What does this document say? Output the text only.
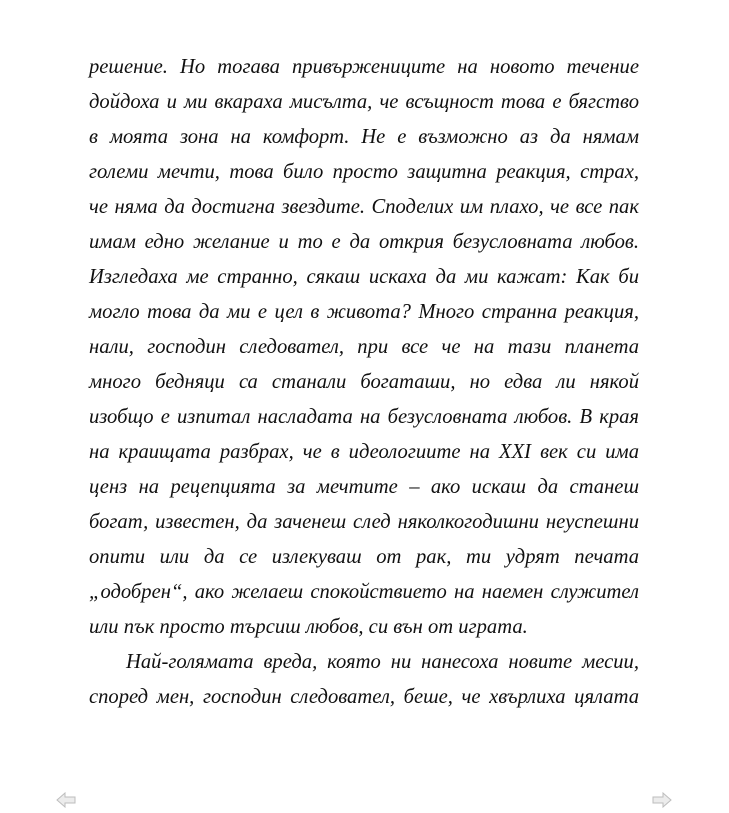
решение. Но тогава привържениците на новото течение
дойдоха и ми вкараха мисълта, че всъщност това е бягство
в моята зона на комфорт. Не е възможно аз да нямам
големи мечти, това било просто защитна реакция, страх,
че няма да достигна звездите. Споделих им плахо, че все пак
имам едно желание и то е да открия безусловната любов.
Изгледаха ме странно, сякаш искаха да ми кажат: Как би
могло това да ми е цел в живота? Много странна реакция,
нали, господин следовател, при все че на тази планета
много бедняци са станали богаташи, но едва ли някой
изобщо е изпитал насладата на безусловната любов. В края
на краищата разбрах, че в идеологиите на XXI век си има
ценз на рецепцията за мечтите – ако искаш да станеш
богат, известен, да заченеш след няколкогодишни неуспешни
опити или да се излекуваш от рак, ти удрят печата
„одобрен“, ако желаеш спокойствието на наемен служител
или пък просто търсиш любов, си вън от играта.
Най-голямата вреда, която ни нанесоха новите месии,
според мен, господин следовател, беше, че хвърлиха цялата
